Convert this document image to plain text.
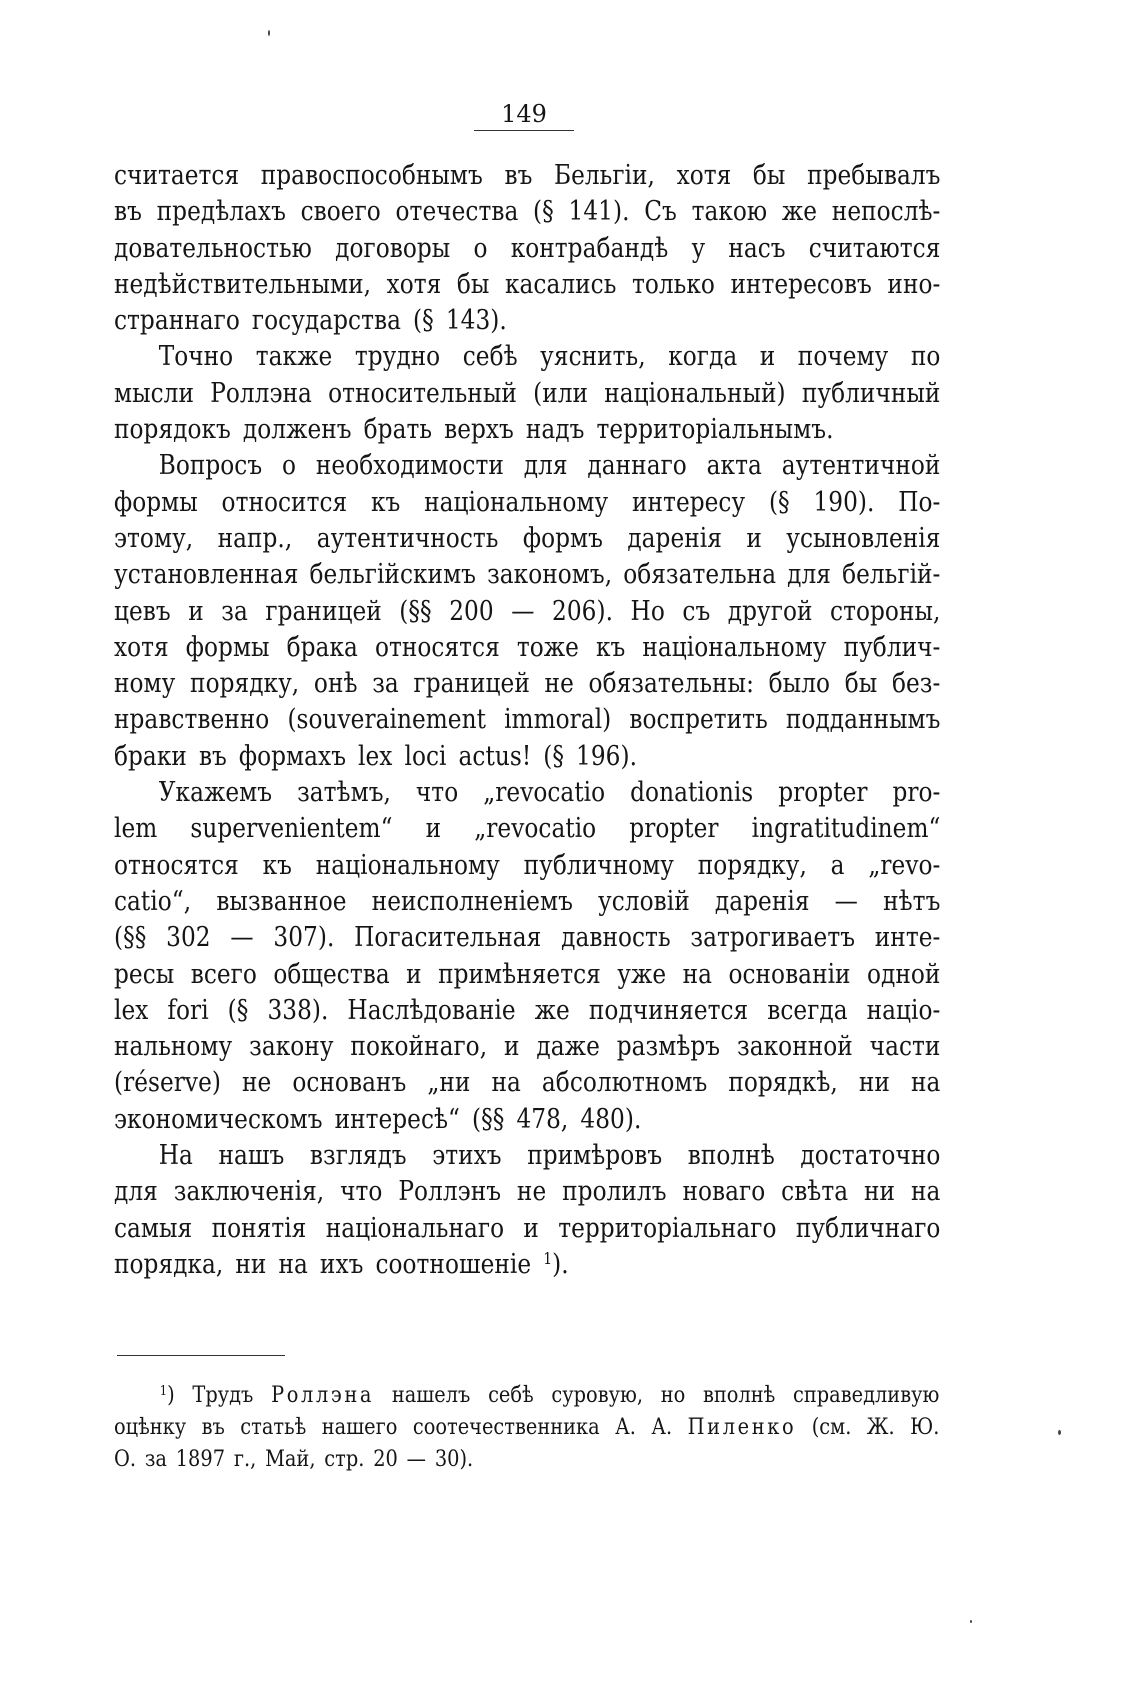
149
считается правоспособнымъ въ Бельгіи, хотя бы пребывалъ
въ предѣлахъ своего отечества (§ 141). Съ такою же непослѣ-
довательностью договоры о контрабандѣ у насъ считаются
недѣйствительными, хотя бы касались только интересовъ ино-
страннаго государства (§ 143).
Точно также трудно себѣ уяснить, когда и почему по
мысли Роллэна относительный (или національный) публичный
порядокъ долженъ брать верхъ надъ территоріальнымъ.
Вопросъ о необходимости для даннаго акта аутентичной
формы относится къ національному интересу (§ 190). По-
этому, напр., аутентичность формъ даренія и усыновленія
установленная бельгійскимъ закономъ, обязательна для бельгій-
цевъ и за границей (§§ 200 — 206). Но съ другой стороны,
хотя формы брака относятся тоже къ національному публич-
ному порядку, онѣ за границей не обязательны: было бы без-
нравственно (souverainement immoral) воспретить подданнымъ
браки въ формахъ lex loci actus! (§ 196).
Укажемъ затѣмъ, что „revocatio donationis propter pro-
lem supervenientem“ и „revocatio propter ingratitudinem“
относятся къ національному публичному порядку, а „revo-
catio“, вызванное неисполненіемъ условій даренія — нѣтъ
(§§ 302 — 307). Погасительная давность затрогиваетъ инте-
ресы всего общества и примѣняется уже на основаніи одной
lex fori (§ 338). Наслѣдованіе же подчиняется всегда націо-
нальному закону покойнаго, и даже размѣръ законной части
(réserve) не основанъ „ни на абсолютномъ порядкѣ, ни на
экономическомъ интересѣ“ (§§ 478, 480).
На нашъ взглядъ этихъ примѣровъ вполнѣ достаточно
для заключенія, что Роллэнъ не пролилъ новаго свѣта ни на
самыя понятія національнаго и территоріальнаго публичнаго
порядка, ни на ихъ соотношеніе $^1$).
$^1$) Трудъ Роллэна нашелъ себѣ суровую, но вполнѣ справедливую
оцѣнку въ статьѣ нашего соотечественника А. А. Пиленко (см. Ж. Ю.
О. за 1897 г., Май, стр. 20 — 30).
